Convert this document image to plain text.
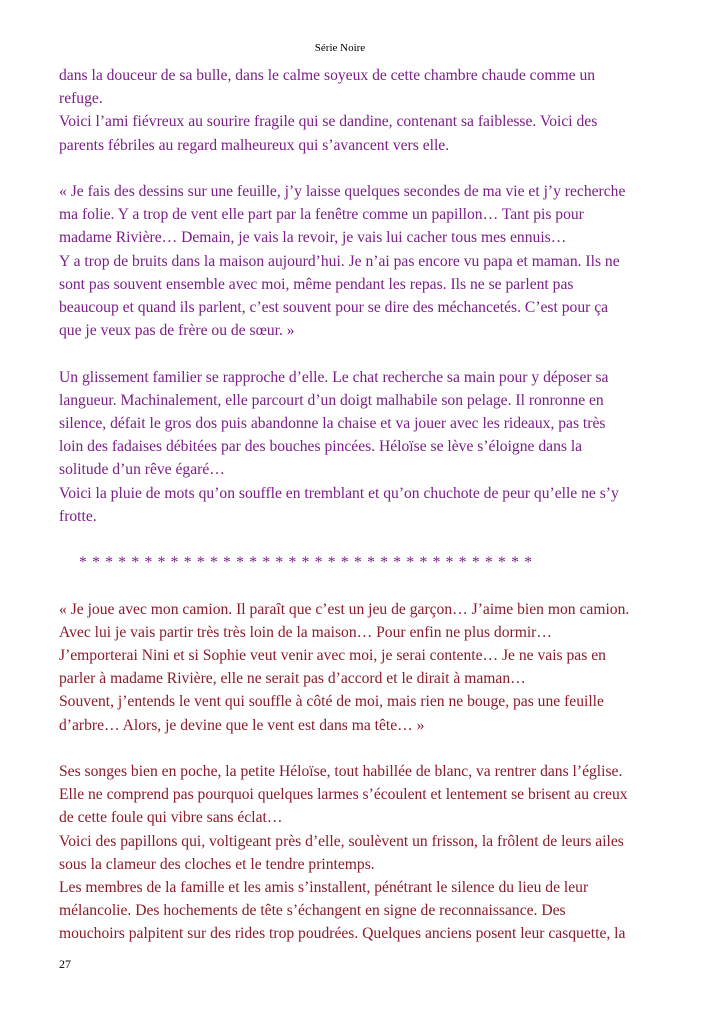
Série Noire

dans la douceur de sa bulle, dans le calme soyeux de cette chambre chaude comme un

refuge.

Voici l’ami fiévreux au sourire fragile qui se dandine, contenant sa faiblesse. Voici des

parents fébriles au regard malheureux qui s’avancent vers elle.

« Je fais des dessins sur une feuille, j’y laisse quelques secondes de ma vie et j’y recherche

ma folie. Y a trop de vent elle part par la fenêtre comme un papillon… Tant pis pour

madame Rivière… Demain, je vais la revoir, je vais lui cacher tous mes ennuis…

Y a trop de bruits dans la maison aujourd’hui. Je n’ai pas encore vu papa et maman. Ils ne

sont pas souvent ensemble avec moi, même pendant les repas. Ils ne se parlent pas

beaucoup et quand ils parlent, c’est souvent pour se dire des méchancetés. C’est pour ça

que je veux pas de frère ou de sœur. »

Un glissement familier se rapproche d’elle. Le chat recherche sa main pour y déposer sa

langueur. Machinalement, elle parcourt d’un doigt malhabile son pelage. Il ronronne en

silence, défait le gros dos puis abandonne la chaise et va jouer avec les rideaux, pas très

loin des fadaises débitées par des bouches pincées. Héloïse se lève s’éloigne dans la

solitude d’un rêve égaré…

Voici la pluie de mots qu’on souffle en tremblant et qu’on chuchote de peur qu’elle ne s’y

frotte.

* * * * * * * * * * * * * * * * * * * * * * * * * * * * * * * * * * *

« Je joue avec mon camion. Il paraît que c’est un jeu de garçon… J’aime bien mon camion.

Avec lui je vais partir très très loin de la maison… Pour enfin ne plus dormir…

J’emporterai Nini et si Sophie veut venir avec moi, je serai contente… Je ne vais pas en

parler à madame Rivière, elle ne serait pas d’accord et le dirait à maman…

Souvent, j’entends le vent qui souffle à côté de moi, mais rien ne bouge, pas une feuille

d’arbre… Alors, je devine que le vent est dans ma tête… »

Ses songes bien en poche, la petite Héloïse, tout habillée de blanc, va rentrer dans l’église.

Elle ne comprend pas pourquoi quelques larmes s’écoulent et lentement se brisent au creux

de cette foule qui vibre sans éclat…

Voici des papillons qui, voltigeant près d’elle, soulèvent un frisson, la frôlent de leurs ailes

sous la clameur des cloches et le tendre printemps.

Les membres de la famille et les amis s’installent, pénétrant le silence du lieu de leur

mélancolie. Des hochements de tête s’échangent en signe de reconnaissance. Des

mouchoirs palpitent sur des rides trop poudrées. Quelques anciens posent leur casquette, la

27
